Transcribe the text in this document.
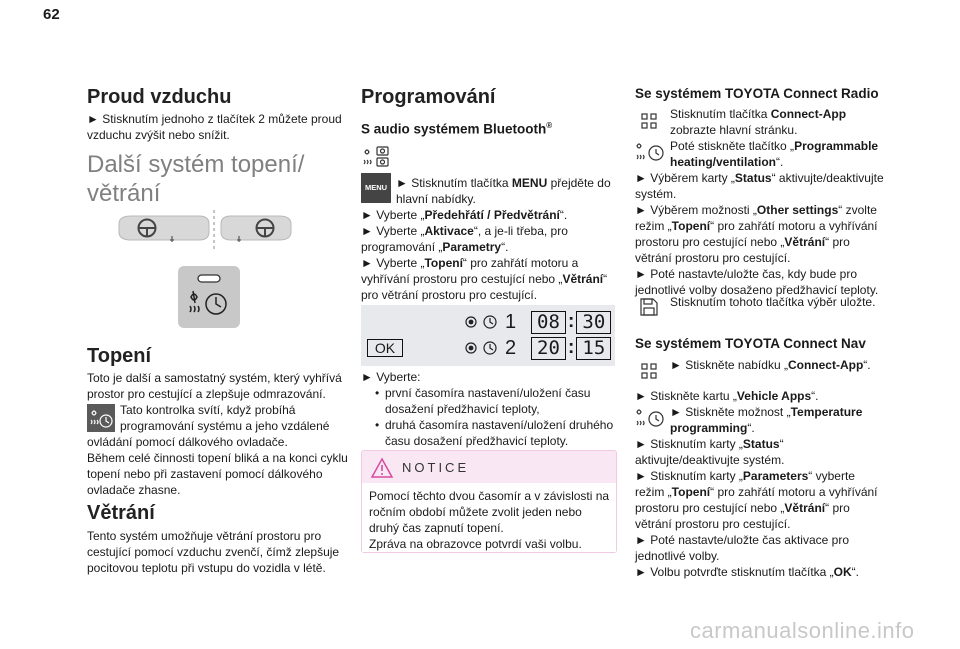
62
Proud vzduchu

► Stisknutím jednoho z tlačítek 2 můžete proud vzduchu zvýšit nebo snížit.

Další systém topení/
větrání
Topení

Toto je další a samostatný systém, který vyhřívá prostor pro cestující a zlepšuje odmrazování.

Tato kontrolka svítí, když probíhá programování systému a jeho vzdálené

ovládání pomocí dálkového ovladače.

Během celé činnosti topení bliká a na konci cyklu topení nebo při zastavení pomocí dálkového ovladače zhasne.

Větrání

Tento systém umožňuje větrání prostoru pro cestující pomocí vzduchu zvenčí, čímž zlepšuje pocitovou teplotu při vstupu do vozidla v létě.

Programování
S audio systémem Bluetooth®
MENU ► Stisknutím tlačítka MENU přejděte do hlavní nabídky.

► Vyberte „Předehřátí / Předvětrání“.

► Vyberte „Aktivace“, a je-li třeba, pro programování „Parametry“.

► Vyberte „Topení“ pro zahřátí motoru a vyhřívání prostoru pro cestující nebo „Větrání“ pro větrání prostoru pro cestující.

OK
1	08 : 30
2	20 : 15

► Vyberte:

• první časomíra nastavení/uložení času dosažení předžhavicí teploty,
• druhá časomíra nastavení/uložení druhého času dosažení předžhavicí teploty.
NOTICE

Pomocí těchto dvou časomír a v závislosti na ročním období můžete zvolit jeden nebo druhý čas zapnutí topení.

Zpráva na obrazovce potvrdí vaši volbu.

Se systémem TOYOTA Connect Radio

Stisknutím tlačítka Connect-App zobrazte hlavní stránku.

Poté stiskněte tlačítko „Programmable heating/ventilation“.

► Výběrem karty „Status“ aktivujte/deaktivujte systém.

► Výběrem možnosti „Other settings“ zvolte režim „Topení“ pro zahřátí motoru a vyhřívání prostoru pro cestující nebo „Větrání“ pro větrání prostoru pro cestující.

► Poté nastavte/uložte čas, kdy bude pro jednotlivé volby dosaženo předžhavicí teploty.

Stisknutím tohoto tlačítka výběr uložte.

Se systémem TOYOTA Connect Nav

► Stiskněte nabídku „Connect-App“.

► Stiskněte kartu „Vehicle Apps“.

► Stiskněte možnost „Temperature programming“.

► Stisknutím karty „Status“ aktivujte/deaktivujte systém.

► Stisknutím karty „Parameters“ vyberte režim „Topení“ pro zahřátí motoru a vyhřívání prostoru pro cestující nebo „Větrání“ pro větrání prostoru pro cestující.

► Poté nastavte/uložte čas aktivace pro jednotlivé volby.

► Volbu potvrďte stisknutím tlačítka „OK“.

carmanualsonline.info
